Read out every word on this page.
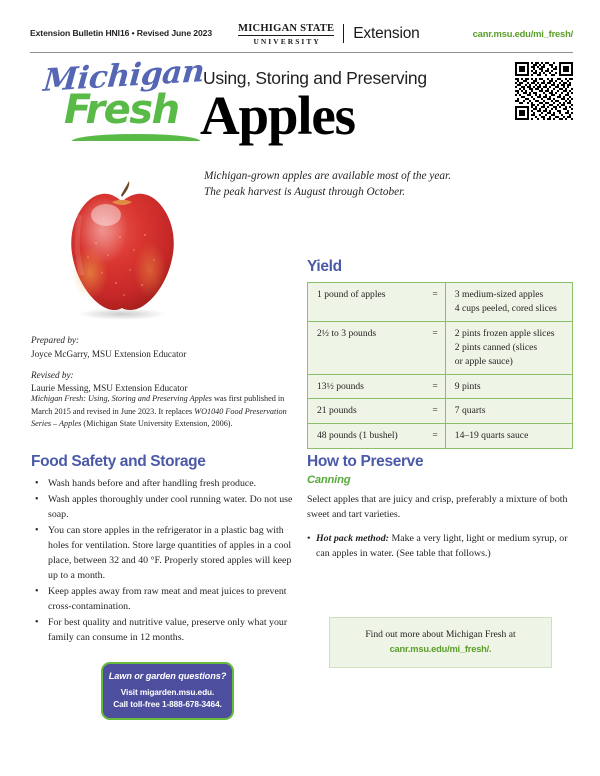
Extension Bulletin HNI16 • Revised June 2023 MICHIGAN STATE
UNIVERSITY	Extension	canr.msu.edu/mi_fresh/
Michigan
Fresh
Using, Storing and Preserving
Apples
Michigan-grown apples are available most of the year.
The peak harvest is August through October.
Prepared by:
Joyce McGarry, MSU Extension Educator
Revised by:
Laurie Messing, MSU Extension Educator
Michigan Fresh: Using, Storing and Preserving Apples was first published in March 2015 and revised in June 2023. It replaces WO1040 Food Preservation Series – Apples (Michigan State University Extension, 2006).
Yield
1 pound of apples =	3 medium-sized apples
4 cups peeled, cored slices
2½ to 3 pounds =	2 pints frozen apple slices
2 pints canned (slices
or apple sauce)
13½ pounds =	9 pints
21 pounds =	7 quarts
48 pounds (1 bushel) =	14–19 quarts sauce
Food Safety and Storage
• Wash hands before and after handling fresh produce.
• Wash apples thoroughly under cool running water. Do not use soap.
• You can store apples in the refrigerator in a plastic bag with holes for ventilation. Store large quantities of apples in a cool place, between 32 and 40 °F. Properly stored apples will keep up to a month.
• Keep apples away from raw meat and meat juices to prevent cross-contamination.
• For best quality and nutritive value, preserve only what your family can consume in 12 months.
How to Preserve
Canning
Select apples that are juicy and crisp, preferably a mixture of both sweet and tart varieties.
• Hot pack method: Make a very light, light or medium syrup, or can apples in water. (See table that follows.)
Find out more about Michigan Fresh at
canr.msu.edu/mi_fresh/.
Lawn or garden questions?
Visit migarden.msu.edu.
Call toll-free 1-888-678-3464.
